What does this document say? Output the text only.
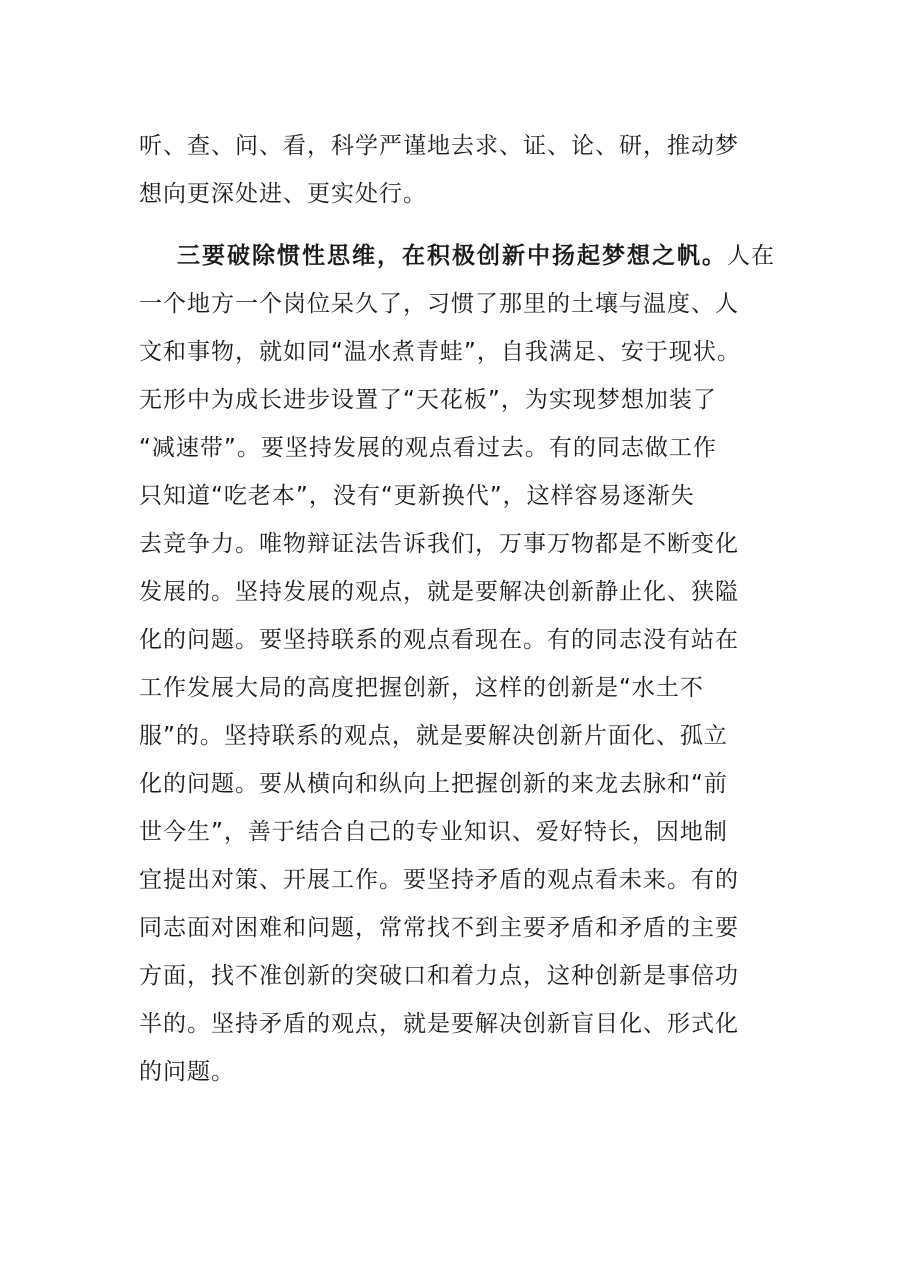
听、查、问、看，科学严谨地去求、证、论、研，推动梦
想向更深处进、更实处行。
三要破除惯性思维，在积极创新中扬起梦想之帆。人在
一个地方一个岗位呆久了，习惯了那里的土壤与温度、人
文和事物，就如同“温水煮青蛙”，自我满足、安于现状。
无形中为成长进步设置了“天花板”，为实现梦想加装了
“减速带”。要坚持发展的观点看过去。有的同志做工作
只知道“吃老本”，没有“更新换代”，这样容易逐渐失
去竞争力。唯物辩证法告诉我们，万事万物都是不断变化
发展的。坚持发展的观点，就是要解决创新静止化、狭隘
化的问题。要坚持联系的观点看现在。有的同志没有站在
工作发展大局的高度把握创新，这样的创新是“水土不
服”的。坚持联系的观点，就是要解决创新片面化、孤立
化的问题。要从横向和纵向上把握创新的来龙去脉和“前
世今生”，善于结合自己的专业知识、爱好特长，因地制
宜提出对策、开展工作。要坚持矛盾的观点看未来。有的
同志面对困难和问题，常常找不到主要矛盾和矛盾的主要
方面，找不准创新的突破口和着力点，这种创新是事倍功
半的。坚持矛盾的观点，就是要解决创新盲目化、形式化
的问题。
